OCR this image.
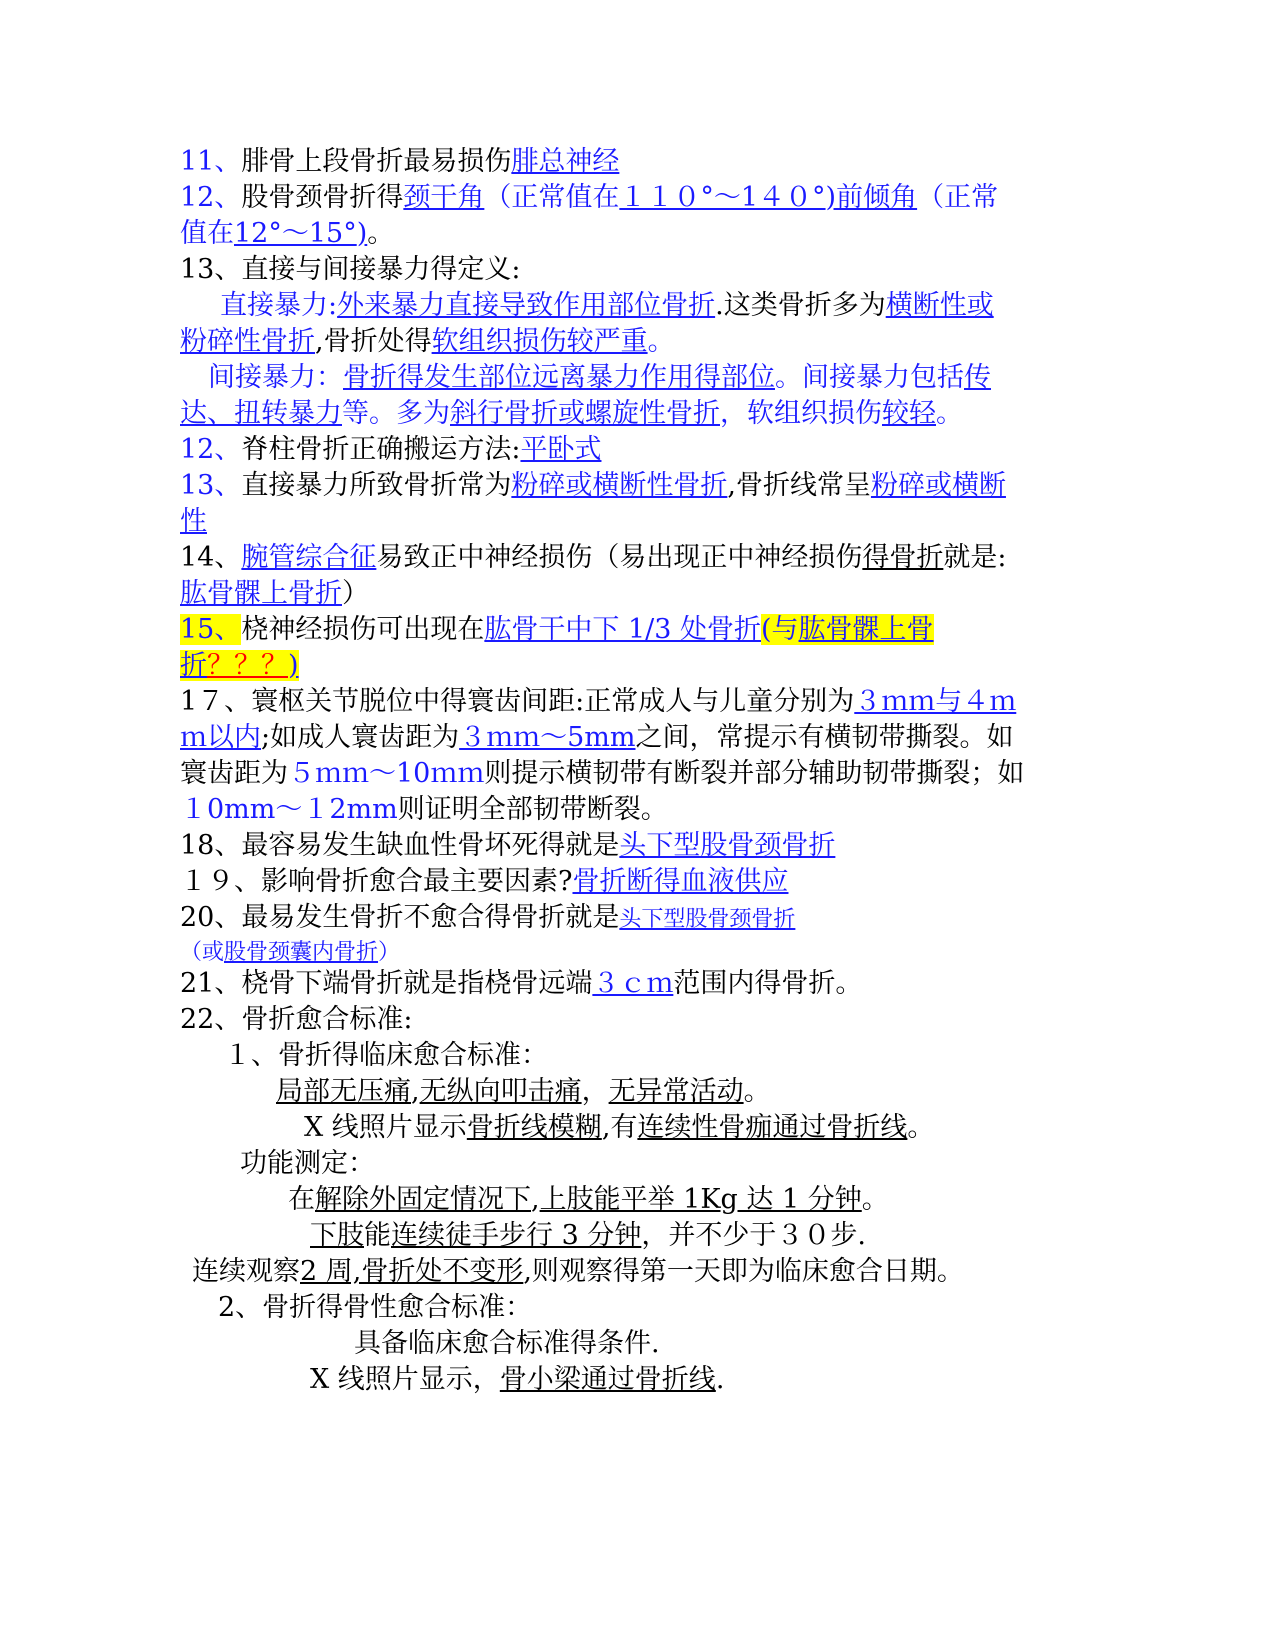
11、腓骨上段骨折最易损伤腓总神经
12、股骨颈骨折得颈干角（正常值在１１０°～1４０°)前倾角（正常
值在12°～15°)。
13、直接与间接暴力得定义:
直接暴力:外来暴力直接导致作用部位骨折.这类骨折多为横断性或
粉碎性骨折,骨折处得软组织损伤较严重。
间接暴力：骨折得发生部位远离暴力作用得部位。间接暴力包括传
达、扭转暴力等。多为斜行骨折或螺旋性骨折，软组织损伤较轻。
12、脊柱骨折正确搬运方法:平卧式
13、直接暴力所致骨折常为粉碎或横断性骨折,骨折线常呈粉碎或横断
性
14、腕管综合征易致正中神经损伤（易出现正中神经损伤得骨折就是:
肱骨髁上骨折）
15、桡神经损伤可出现在肱骨干中下 1/3 处骨折(与肱骨髁上骨
折？？？)
1７、寰枢关节脱位中得寰齿间距:正常成人与儿童分别为３ｍｍ与４ｍ
ｍ以内;如成人寰齿距为３ｍｍ～5mm之间，常提示有横韧带撕裂。如
寰齿距为５ｍｍ～10ｍｍ则提示横韧带有断裂并部分辅助韧带撕裂；如
１0mm～１2mm则证明全部韧带断裂。
18、最容易发生缺血性骨坏死得就是头下型股骨颈骨折
１９、影响骨折愈合最主要因素?骨折断得血液供应
20、最易发生骨折不愈合得骨折就是头下型股骨颈骨折
（或股骨颈囊内骨折）
21、桡骨下端骨折就是指桡骨远端３ｃｍ范围内得骨折。
22、骨折愈合标准:
１、骨折得临床愈合标准：
局部无压痛,无纵向叩击痛，无异常活动。
X 线照片显示骨折线模糊,有连续性骨痂通过骨折线。
功能测定：
在解除外固定情况下,上肢能平举 1Kg 达 1 分钟。
下肢能连续徒手步行 3 分钟，并不少于３０步.
连续观察2 周,骨折处不变形,则观察得第一天即为临床愈合日期。
2、骨折得骨性愈合标准：
具备临床愈合标准得条件.
X 线照片显示，骨小梁通过骨折线.
